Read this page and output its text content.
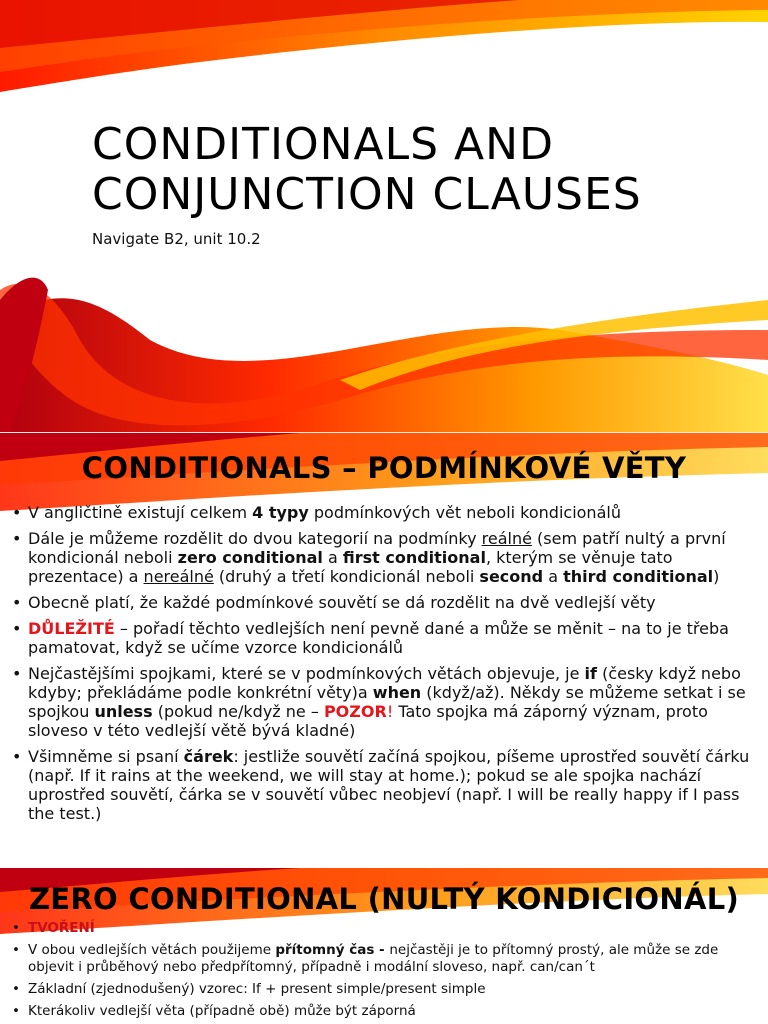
CONDITIONALS AND
CONJUNCTION CLAUSES
Navigate B2, unit 10.2
CONDITIONALS – PODMÍNKOVÉ VĚTY
• V angličtině existují celkem 4 typy podmínkových vět neboli kondicionálů
• Dále je můžeme rozdělit do dvou kategorií na podmínky reálné (sem patří nultý a první kondicionál neboli zero conditional a first conditional, kterým se věnuje tato prezentace) a nereálné (druhý a třetí kondicionál neboli second a third conditional)
• Obecně platí, že každé podmínkové souvětí se dá rozdělit na dvě vedlejší věty
• DŮLEŽITÉ – pořadí těchto vedlejších není pevně dané a může se měnit – na to je třeba pamatovat, když se učíme vzorce kondicionálů
• Nejčastějšími spojkami, které se v podmínkových větách objevuje, je if (česky když nebo kdyby; překládáme podle konkrétní věty)a when (když/až). Někdy se můžeme setkat i se spojkou unless (pokud ne/když ne – POZOR! Tato spojka má záporný význam, proto sloveso v této vedlejší větě bývá kladné)
• Všimněme si psaní čárek: jestliže souvětí začíná spojkou, píšeme uprostřed souvětí čárku (např. If it rains at the weekend, we will stay at home.); pokud se ale spojka nachází uprostřed souvětí, čárka se v souvětí vůbec neobjeví (např. I will be really happy if I pass the test.)
ZERO CONDITIONAL (NULTÝ KONDICIONÁL)
• TVOŘENÍ
• V obou vedlejších větách použijeme přítomný čas - nejčastěji je to přítomný prostý, ale může se zde objevit i průběhový nebo předpřítomný, případně i modální sloveso, např. can/can´t
• Základní (zjednodušený) vzorec: If + present simple/present simple
• Kterákoliv vedlejší věta (případně obě) může být záporná
